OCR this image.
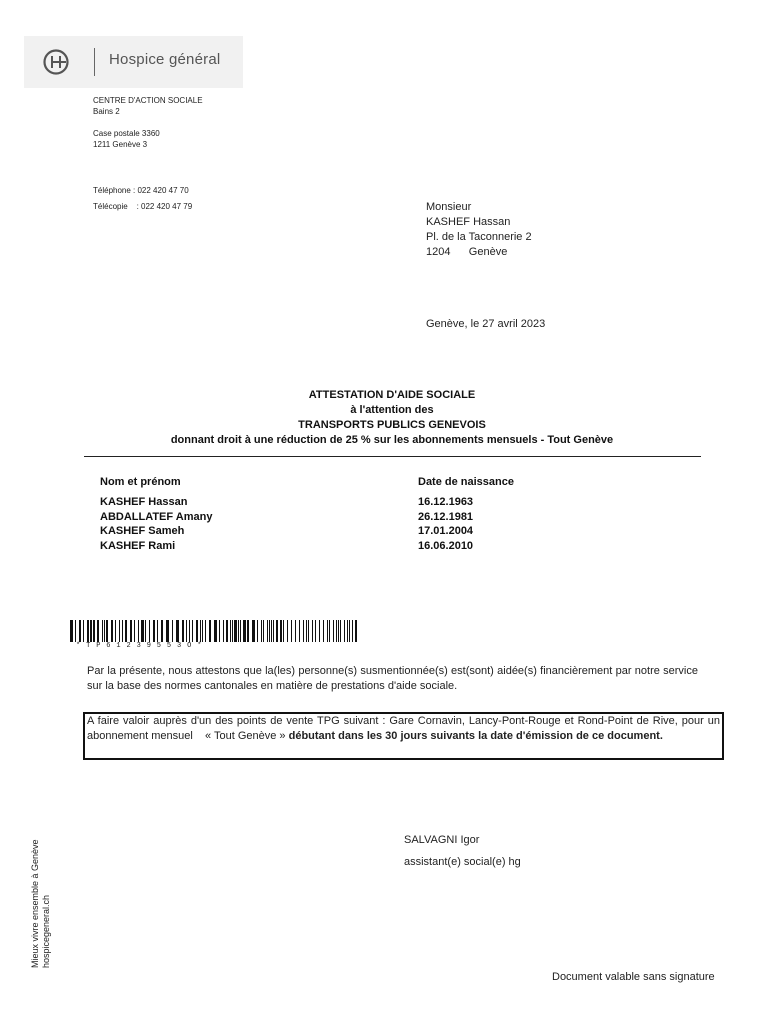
Hospice général
CENTRE D'ACTION SOCIALE
Bains 2
Case postale 3360
1211 Genève 3
Téléphone : 022 420 47 70
Télécopie    : 022 420 47 79	Monsieur
KASHEF Hassan
Pl. de la Taconnerie 2
1204      Genève
Genève, le 27 avril 2023
ATTESTATION D'AIDE SOCIALE
à l'attention des
TRANSPORTS PUBLICS GENEVOIS
donnant droit à une réduction de 25 % sur les abonnements mensuels - Tout Genève
Nom et prénom	Date de naissance
KASHEF Hassan	16.12.1963
ABDALLATEF Amany	26.12.1981
KASHEF Sameh	17.01.2004
KASHEF Rami	16.06.2010
*TP61239553O*
Par la présente, nous attestons que la(les) personne(s) susmentionnée(s) est(sont) aidée(s) financièrement par notre service sur la base des normes cantonales en matière de prestations d'aide sociale.
A faire valoir auprès d'un des points de vente TPG suivant : Gare Cornavin, Lancy-Pont-Rouge et Rond-Point de Rive, pour un abonnement mensuel    « Tout Genève » débutant dans les 30 jours suivants la date d'émission de ce document.
SALVAGNI Igor
assistant(e) social(e) hg
Mieux vivre ensemble à Genève hospicegeneral.ch
Document valable sans signature
